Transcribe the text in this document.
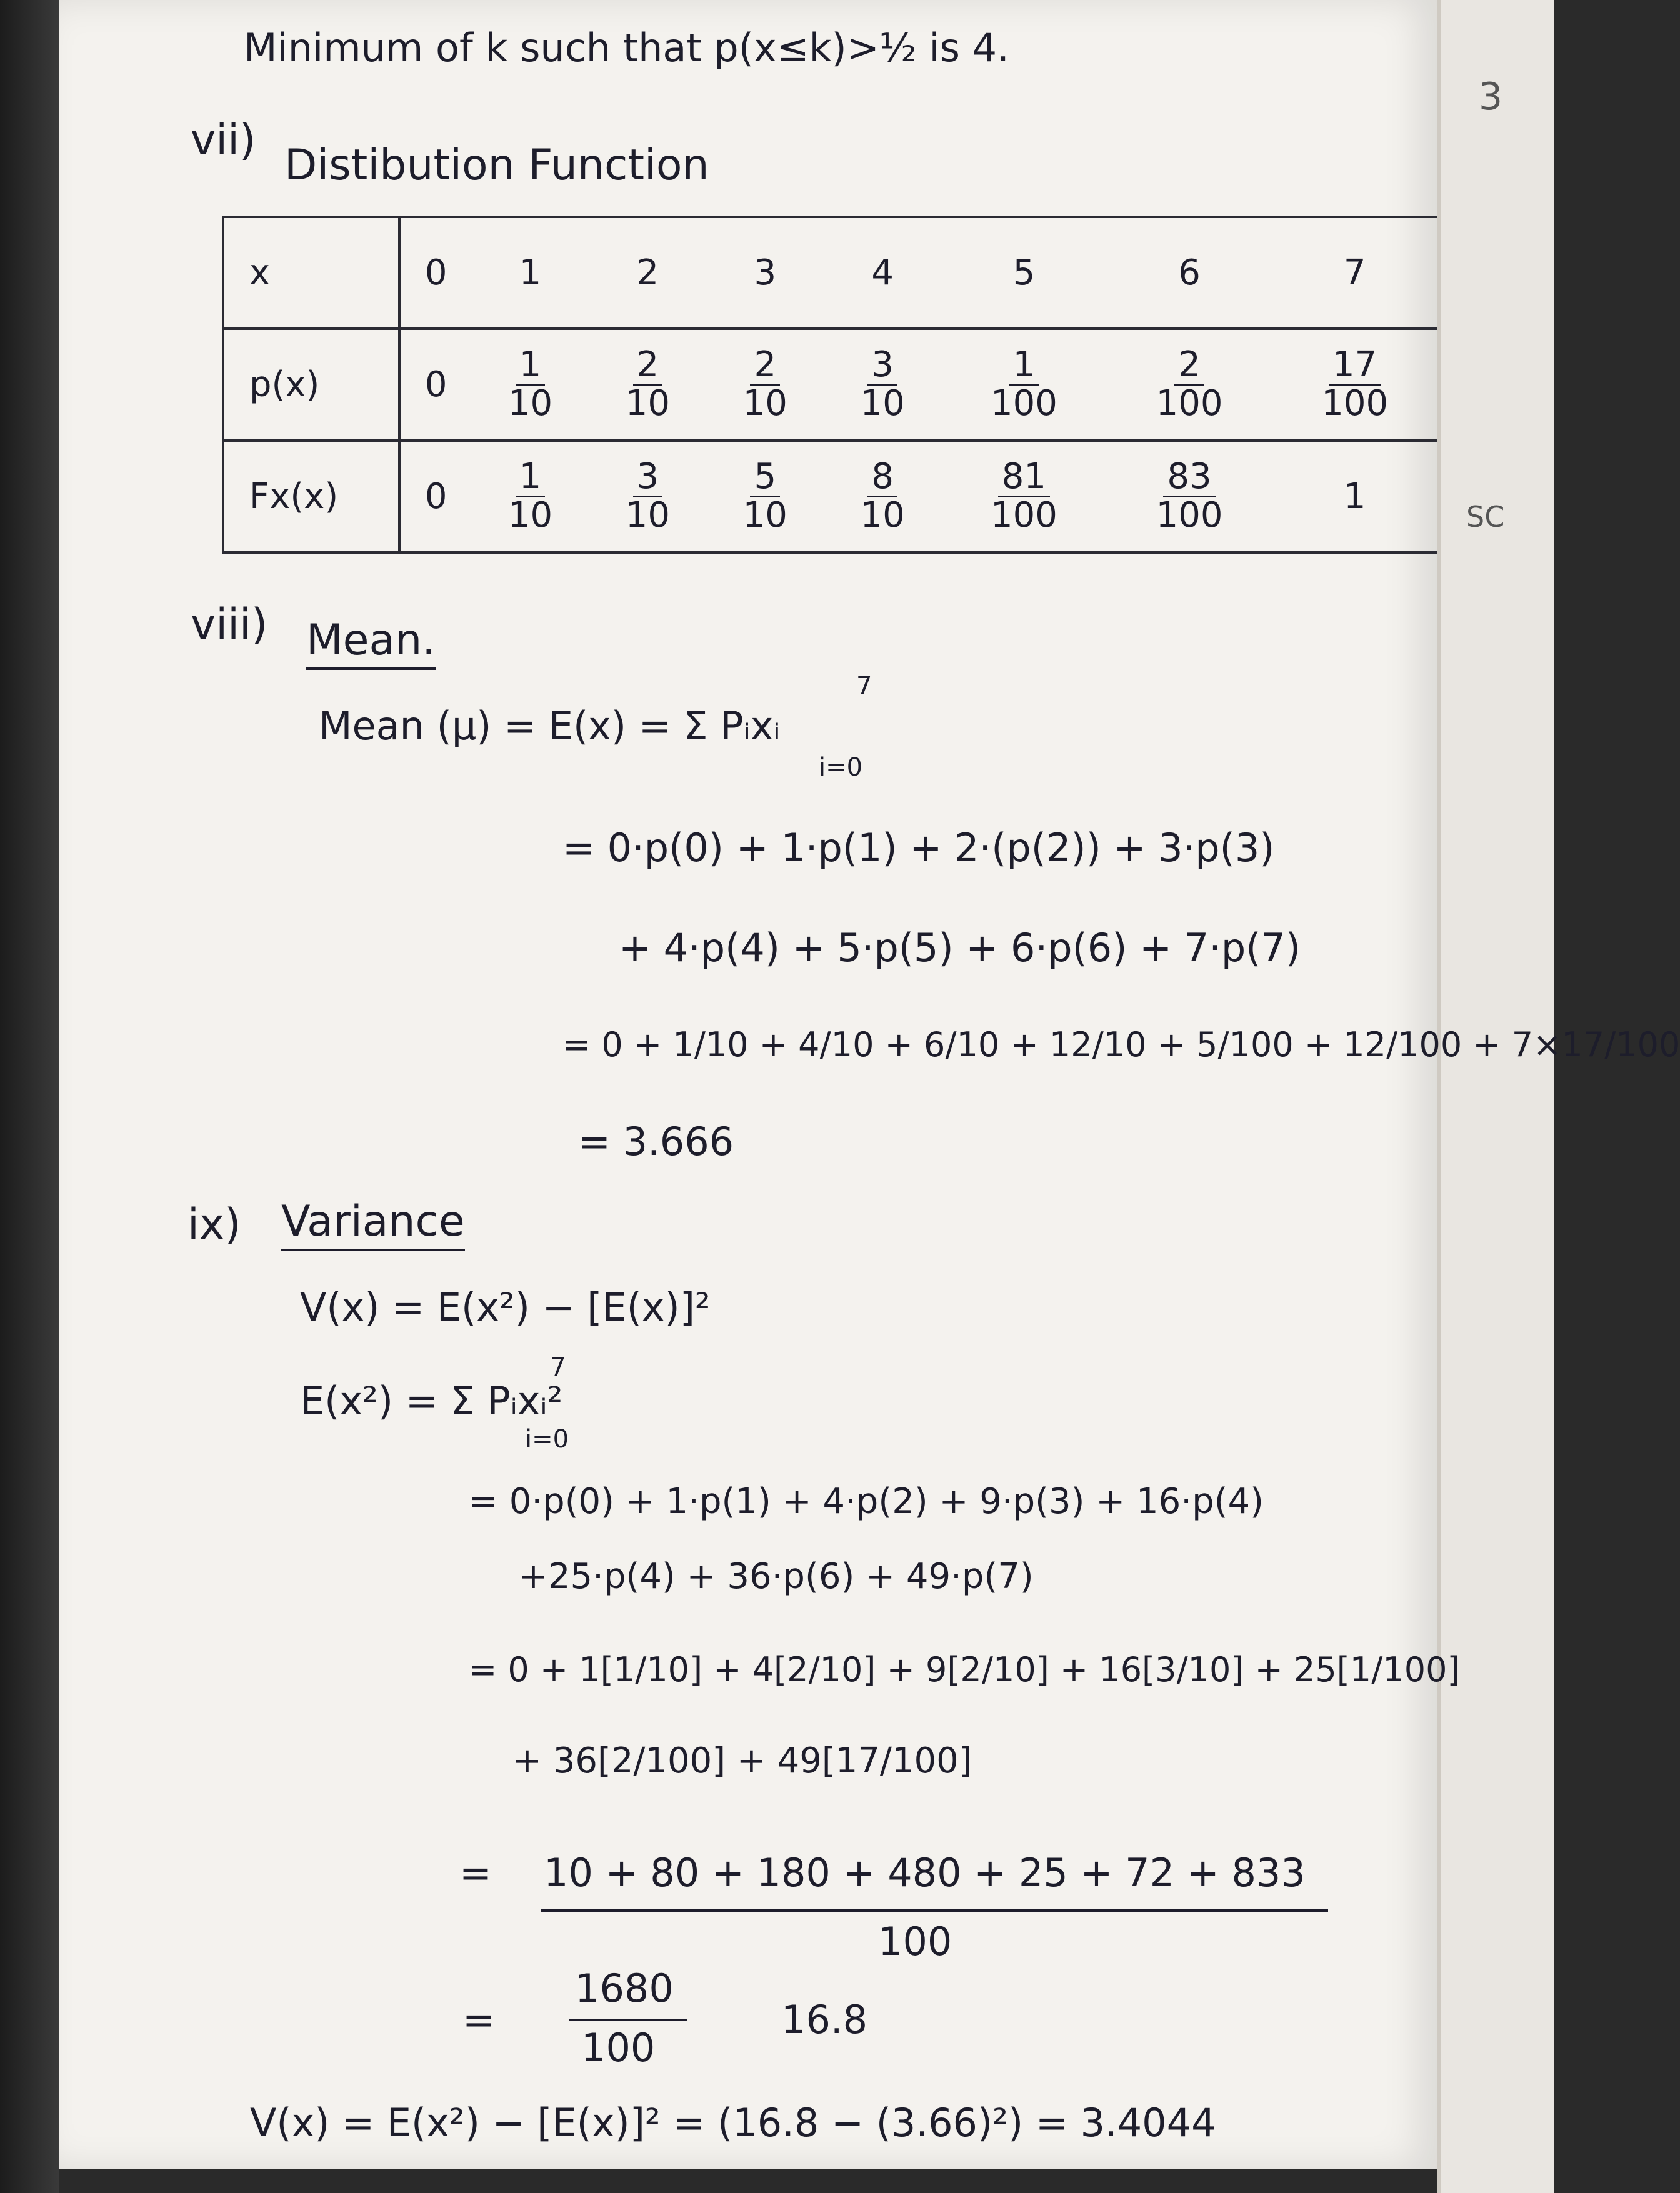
3
SC
Minimum of k such that p(x≤k)>½ is 4.
vii)
Distibution Function
x	0	1	2	3	4	5	6	7
p(x)	0	$\frac{1}{10}$	$\frac{2}{10}$	$\frac{2}{10}$	$\frac{3}{10}$	$\frac{1}{100}$	$\frac{2}{100}$	$\frac{17}{100}$

Fx(x)	0	$\frac{1}{10}$	$\frac{3}{10}$	$\frac{5}{10}$	$\frac{8}{10}$	$\frac{81}{100}$	$\frac{83}{100}$	1
viii) Mean.
7
Mean (μ) = E(x) = Σ Pᵢxᵢ
i=0
= 0·p(0) + 1·p(1) + 2·(p(2)) + 3·p(3)
+ 4·p(4) + 5·p(5) + 6·p(6) + 7·p(7)
= 0 + 1/10 + 4/10 + 6/10 + 12/10 + 5/100 + 12/100 + 7×17/100
= 3.666
ix) Variance
V(x) = E(x²) − [E(x)]²
7
E(x²) = Σ Pᵢxᵢ²
i=0
= 0·p(0) + 1·p(1) + 4·p(2) + 9·p(3) + 16·p(4)
+25·p(4) + 36·p(6) + 49·p(7)
= 0 + 1[1/10] + 4[2/10] + 9[2/10] + 16[3/10] + 25[1/100]
+ 36[2/100] + 49[17/100]
= 10 + 80 + 180 + 480 + 25 + 72 + 833
100
=
1680
100
16.8
V(x) = E(x²) − [E(x)]² = (16.8 − (3.66)²) = 3.4044
